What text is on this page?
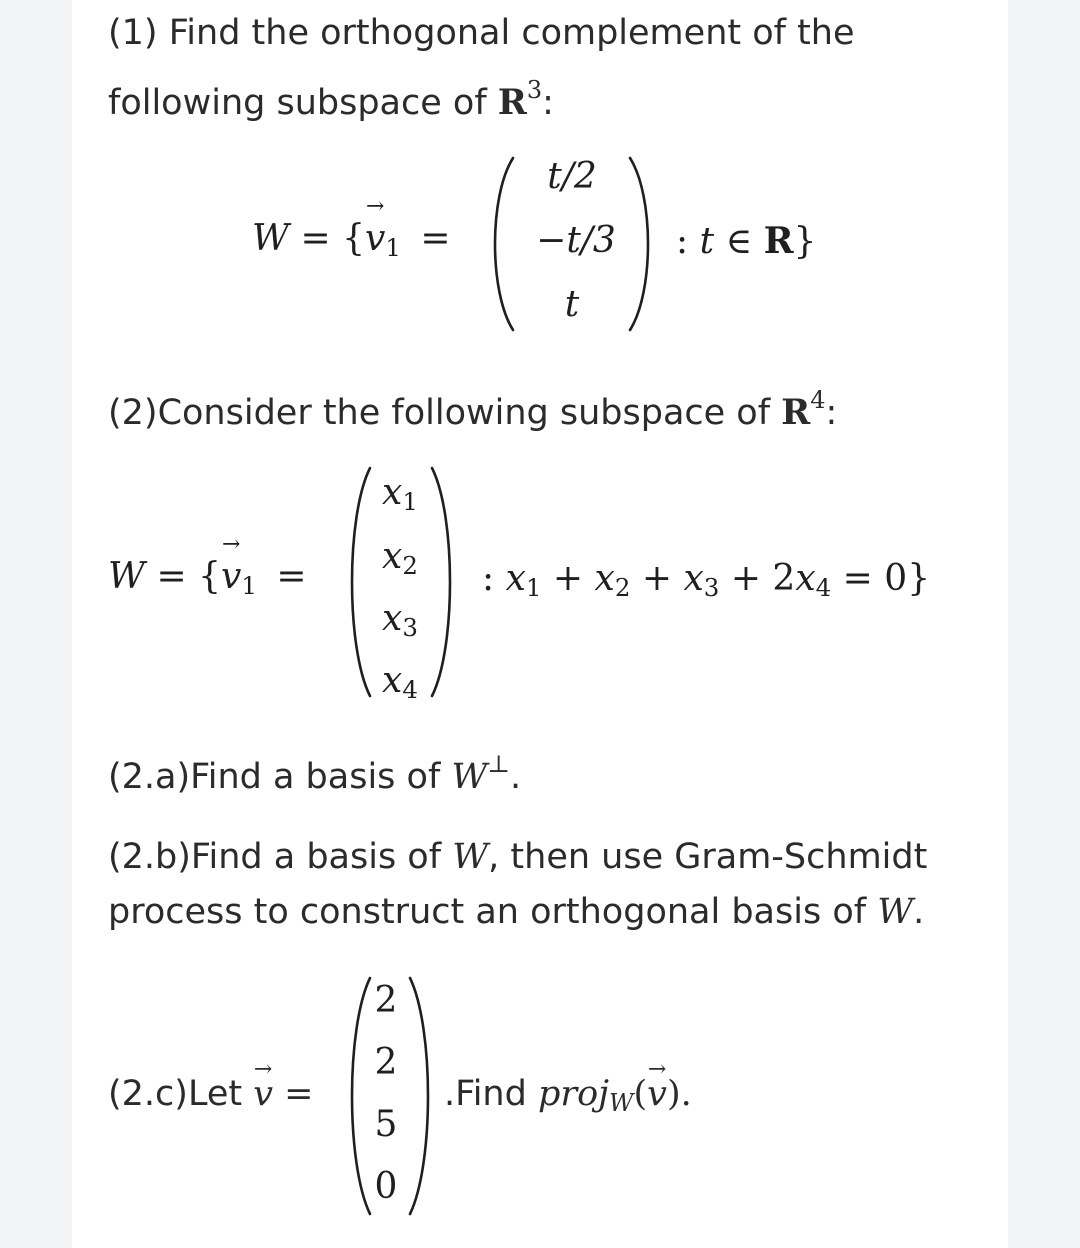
(1) Find the orthogonal complement of the
following subspace of $R^3$:
W = {→ $v_1$ =
t/2
−t/3
t
: t ∈ R}
(2)Consider the following subspace of $R^4$:
W = {→ $v_1$ =
$x_1$
$x_2$
$x_3$
$x_4$
: $x_1 + x_2 + x_3 + 2x_4 = 0$}
(2.a)Find a basis of W⊥.
(2.b)Find a basis of W, then use Gram-Schmidt
process to construct an orthogonal basis of W.
(2.c)Let → v =
2
2
5
0
.Find proj$_W$(→ v).
